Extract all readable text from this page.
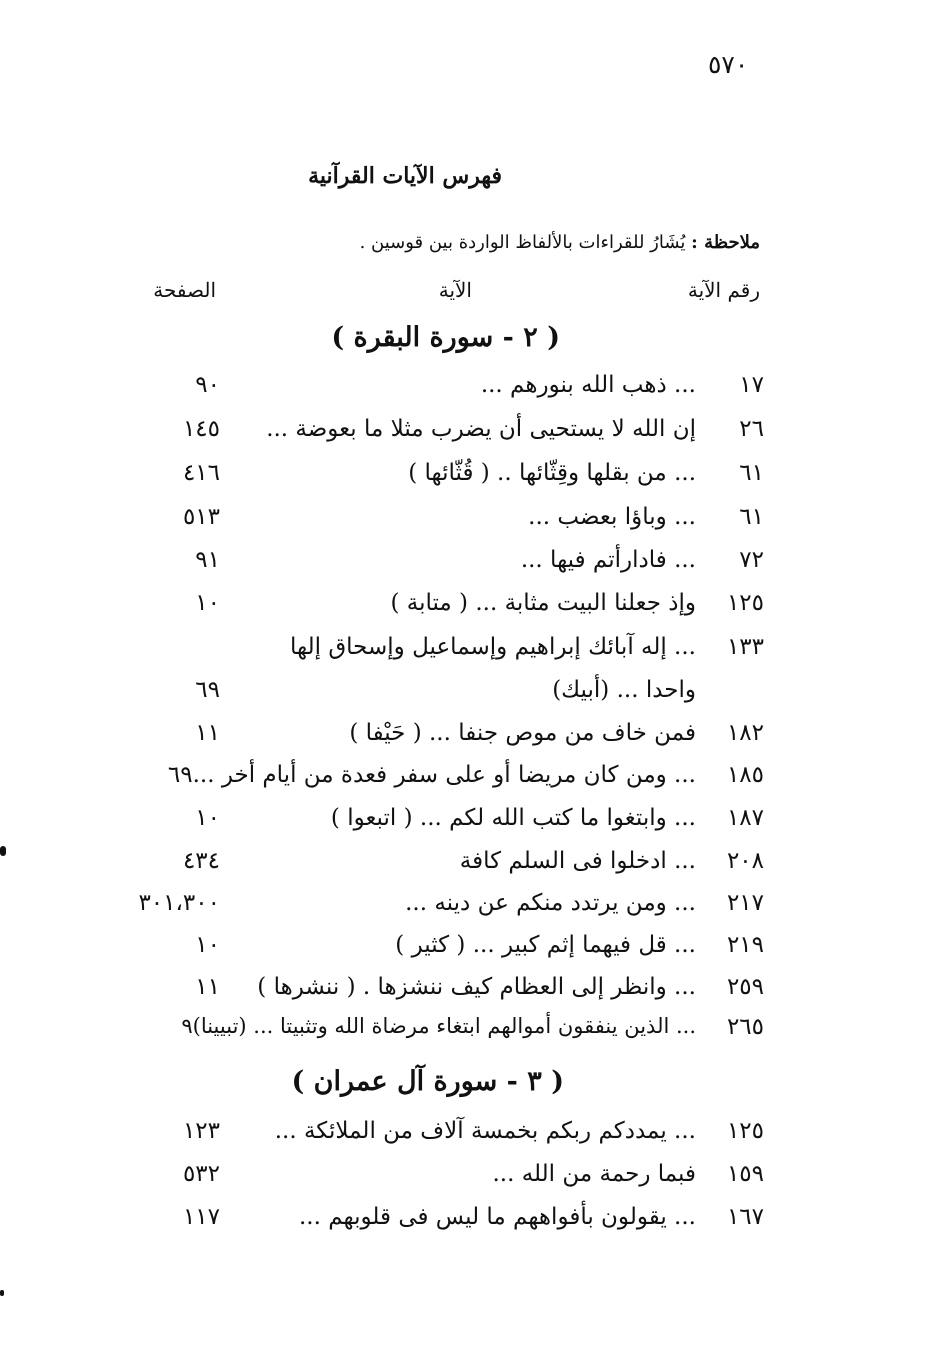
٥٧٠
فهرس الآيات القرآنية
ملاحظة : يُشَارُ للقراءات بالألفاظ الواردة بين قوسين .
رقم الآية
الآية
الصفحة
( ٢ - سورة البقرة )
١٧
... ذهب الله بنورهم ...
٩٠
٢٦
إن الله لا يستحيى أن يضرب مثلا ما بعوضة ...
١٤٥
٦١
... من بقلها وقِثّائها .. ( قُثّائها )
٤١٦
٦١
... وباؤا بعضب ...
٥١٣
٧٢
... فادارأتم فيها ...
٩١
١٢٥
وإذ جعلنا البيت مثابة ... ( متابة )
١٠
١٣٣
... إله آبائك إبراهيم وإسماعيل وإسحاق إلها
واحدا ... (أبيك)
٦٩
١٨٢
فمن خاف من موص جنفا ... ( حَيْفا )
١١
١٨٥
... ومن كان مريضا أو على سفر فعدة من أيام أخر ...٦٩
١٨٧
... وابتغوا ما كتب الله لكم ... ( اتبعوا )
١٠
٢٠٨
... ادخلوا فى السلم كافة
٤٣٤
٢١٧
... ومن يرتدد منكم عن دينه ...
٣٠١،٣٠٠
٢١٩
... قل فيهما إثم كبير ... ( كثير )
١٠
٢٥٩
... وانظر إلى العظام كيف ننشزها . ( ننشرها )
١١
٢٦٥
... الذين ينفقون أموالهم ابتغاء مرضاة الله وتثبيتا ... (تبيينا)٩
( ٣ - سورة آل عمران )
١٢٥
... يمددكم ربكم بخمسة آلاف من الملائكة ...
١٢٣
١٥٩
فبما رحمة من الله ...
٥٣٢
١٦٧
... يقولون بأفواههم ما ليس فى قلوبهم ...
١١٧
